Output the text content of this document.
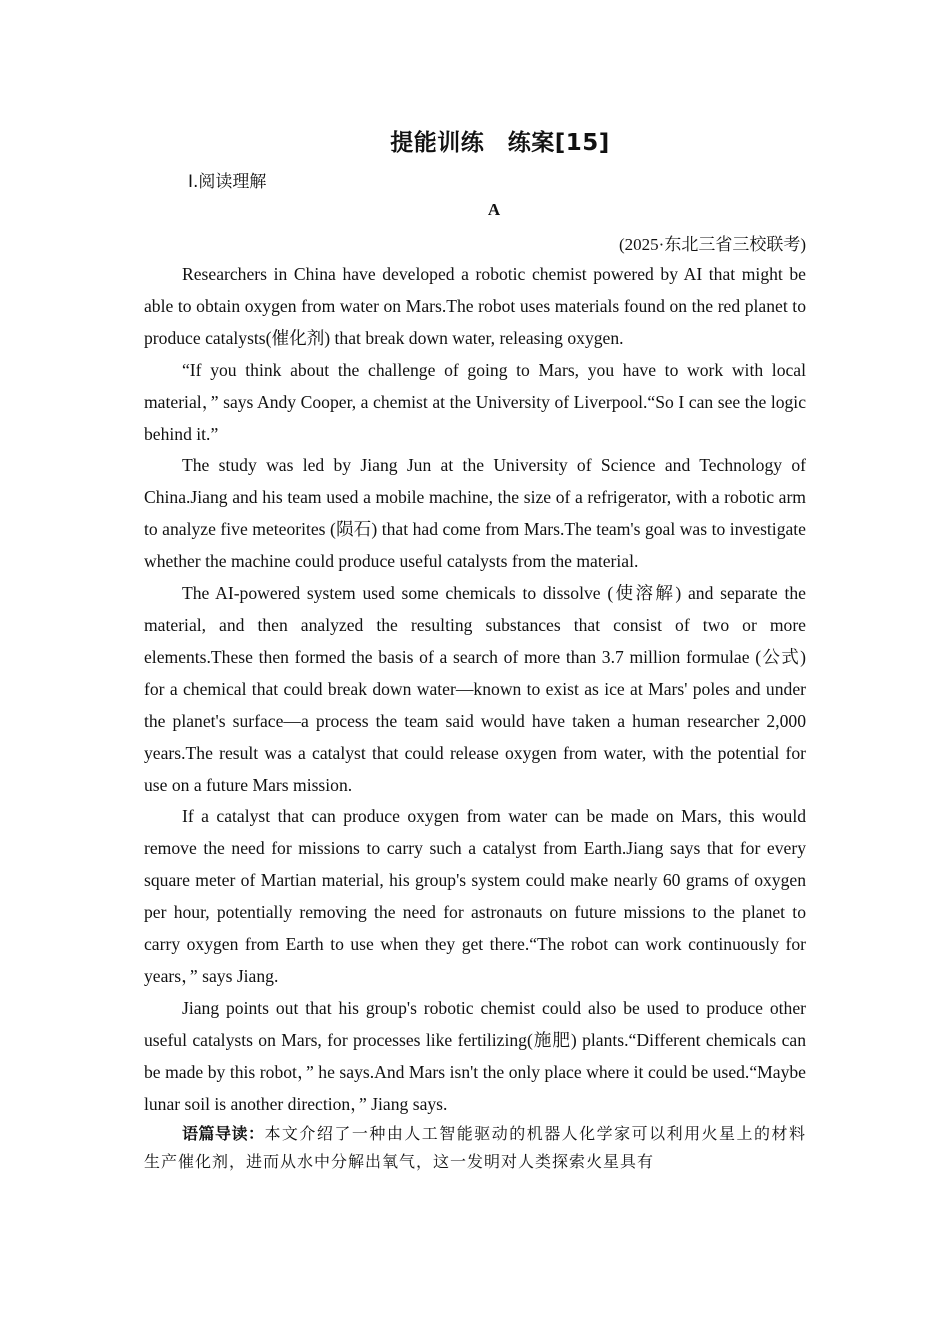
提能训练　练案[15]
Ⅰ.阅读理解
A
(2025·东北三省三校联考)

Researchers in China have developed a robotic chemist powered by AI that might be able to obtain oxygen from water on Mars.The robot uses materials found on the red planet to produce catalysts(催化剂) that break down water, releasing oxygen.

“If you think about the challenge of going to Mars, you have to work with local material，” says Andy Cooper, a chemist at the University of Liverpool.“So I can see the logic behind it.”

The study was led by Jiang Jun at the University of Science and Technology of China.Jiang and his team used a mobile machine, the size of a refrigerator, with a robotic arm to analyze five meteorites (陨石) that had come from Mars.The team's goal was to investigate whether the machine could produce useful catalysts from the material.

The AI-powered system used some chemicals to dissolve (使溶解) and separate the material, and then analyzed the resulting substances that consist of two or more elements.These then formed the basis of a search of more than 3.7 million formulae (公式) for a chemical that could break down water—known to exist as ice at Mars' poles and under the planet's surface—a process the team said would have taken a human researcher 2,000 years.The result was a catalyst that could release oxygen from water, with the potential for use on a future Mars mission.

If a catalyst that can produce oxygen from water can be made on Mars, this would remove the need for missions to carry such a catalyst from Earth.Jiang says that for every square meter of Martian material, his group's system could make nearly 60 grams of oxygen per hour, potentially removing the need for astronauts on future missions to the planet to carry oxygen from Earth to use when they get there.“The robot can work continuously for years，” says Jiang.

Jiang points out that his group's robotic chemist could also be used to produce other useful catalysts on Mars, for processes like fertilizing(施肥) plants.“Different chemicals can be made by this robot，” he says.And Mars isn't the only place where it could be used.“Maybe lunar soil is another direction，” Jiang says.

语篇导读：本文介绍了一种由人工智能驱动的机器人化学家可以利用火星上的材料生产催化剂，进而从水中分解出氧气，这一发明对人类探索火星具有
